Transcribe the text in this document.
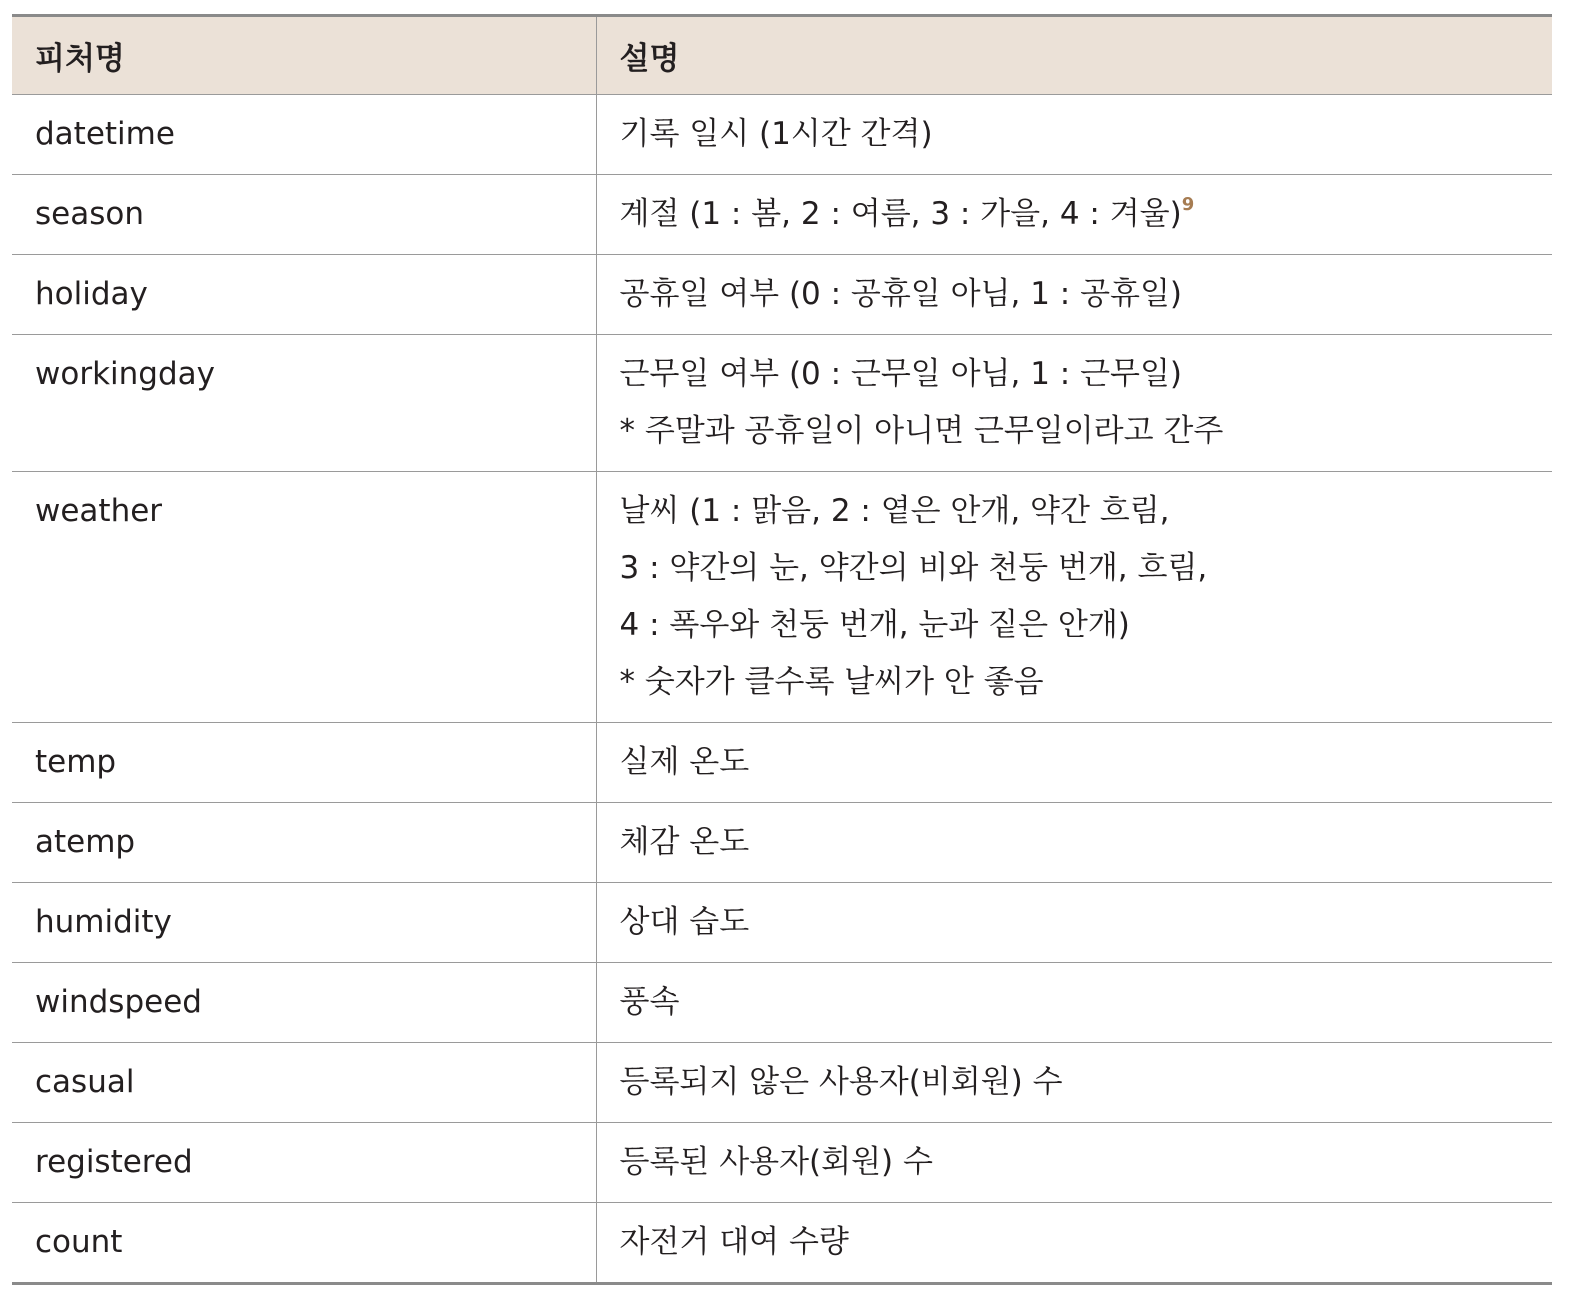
피처명	설명
datetime	기록 일시 (1시간 간격)

season	계절 (1 : 봄, 2 : 여름, 3 : 가을, 4 : 겨울)$^9$

holiday	공휴일 여부 (0 : 공휴일 아님, 1 : 공휴일)

workingday	근무일 여부 (0 : 근무일 아님, 1 : 근무일)
* 주말과 공휴일이 아니면 근무일이라고 간주

weather	날씨 (1 : 맑음, 2 : 옅은 안개, 약간 흐림,
3 : 약간의 눈, 약간의 비와 천둥 번개, 흐림,
4 : 폭우와 천둥 번개, 눈과 짙은 안개)
* 숫자가 클수록 날씨가 안 좋음

temp	실제 온도

atemp	체감 온도

humidity	상대 습도

windspeed	풍속

casual	등록되지 않은 사용자(비회원) 수

registered	등록된 사용자(회원) 수

count	자전거 대여 수량
